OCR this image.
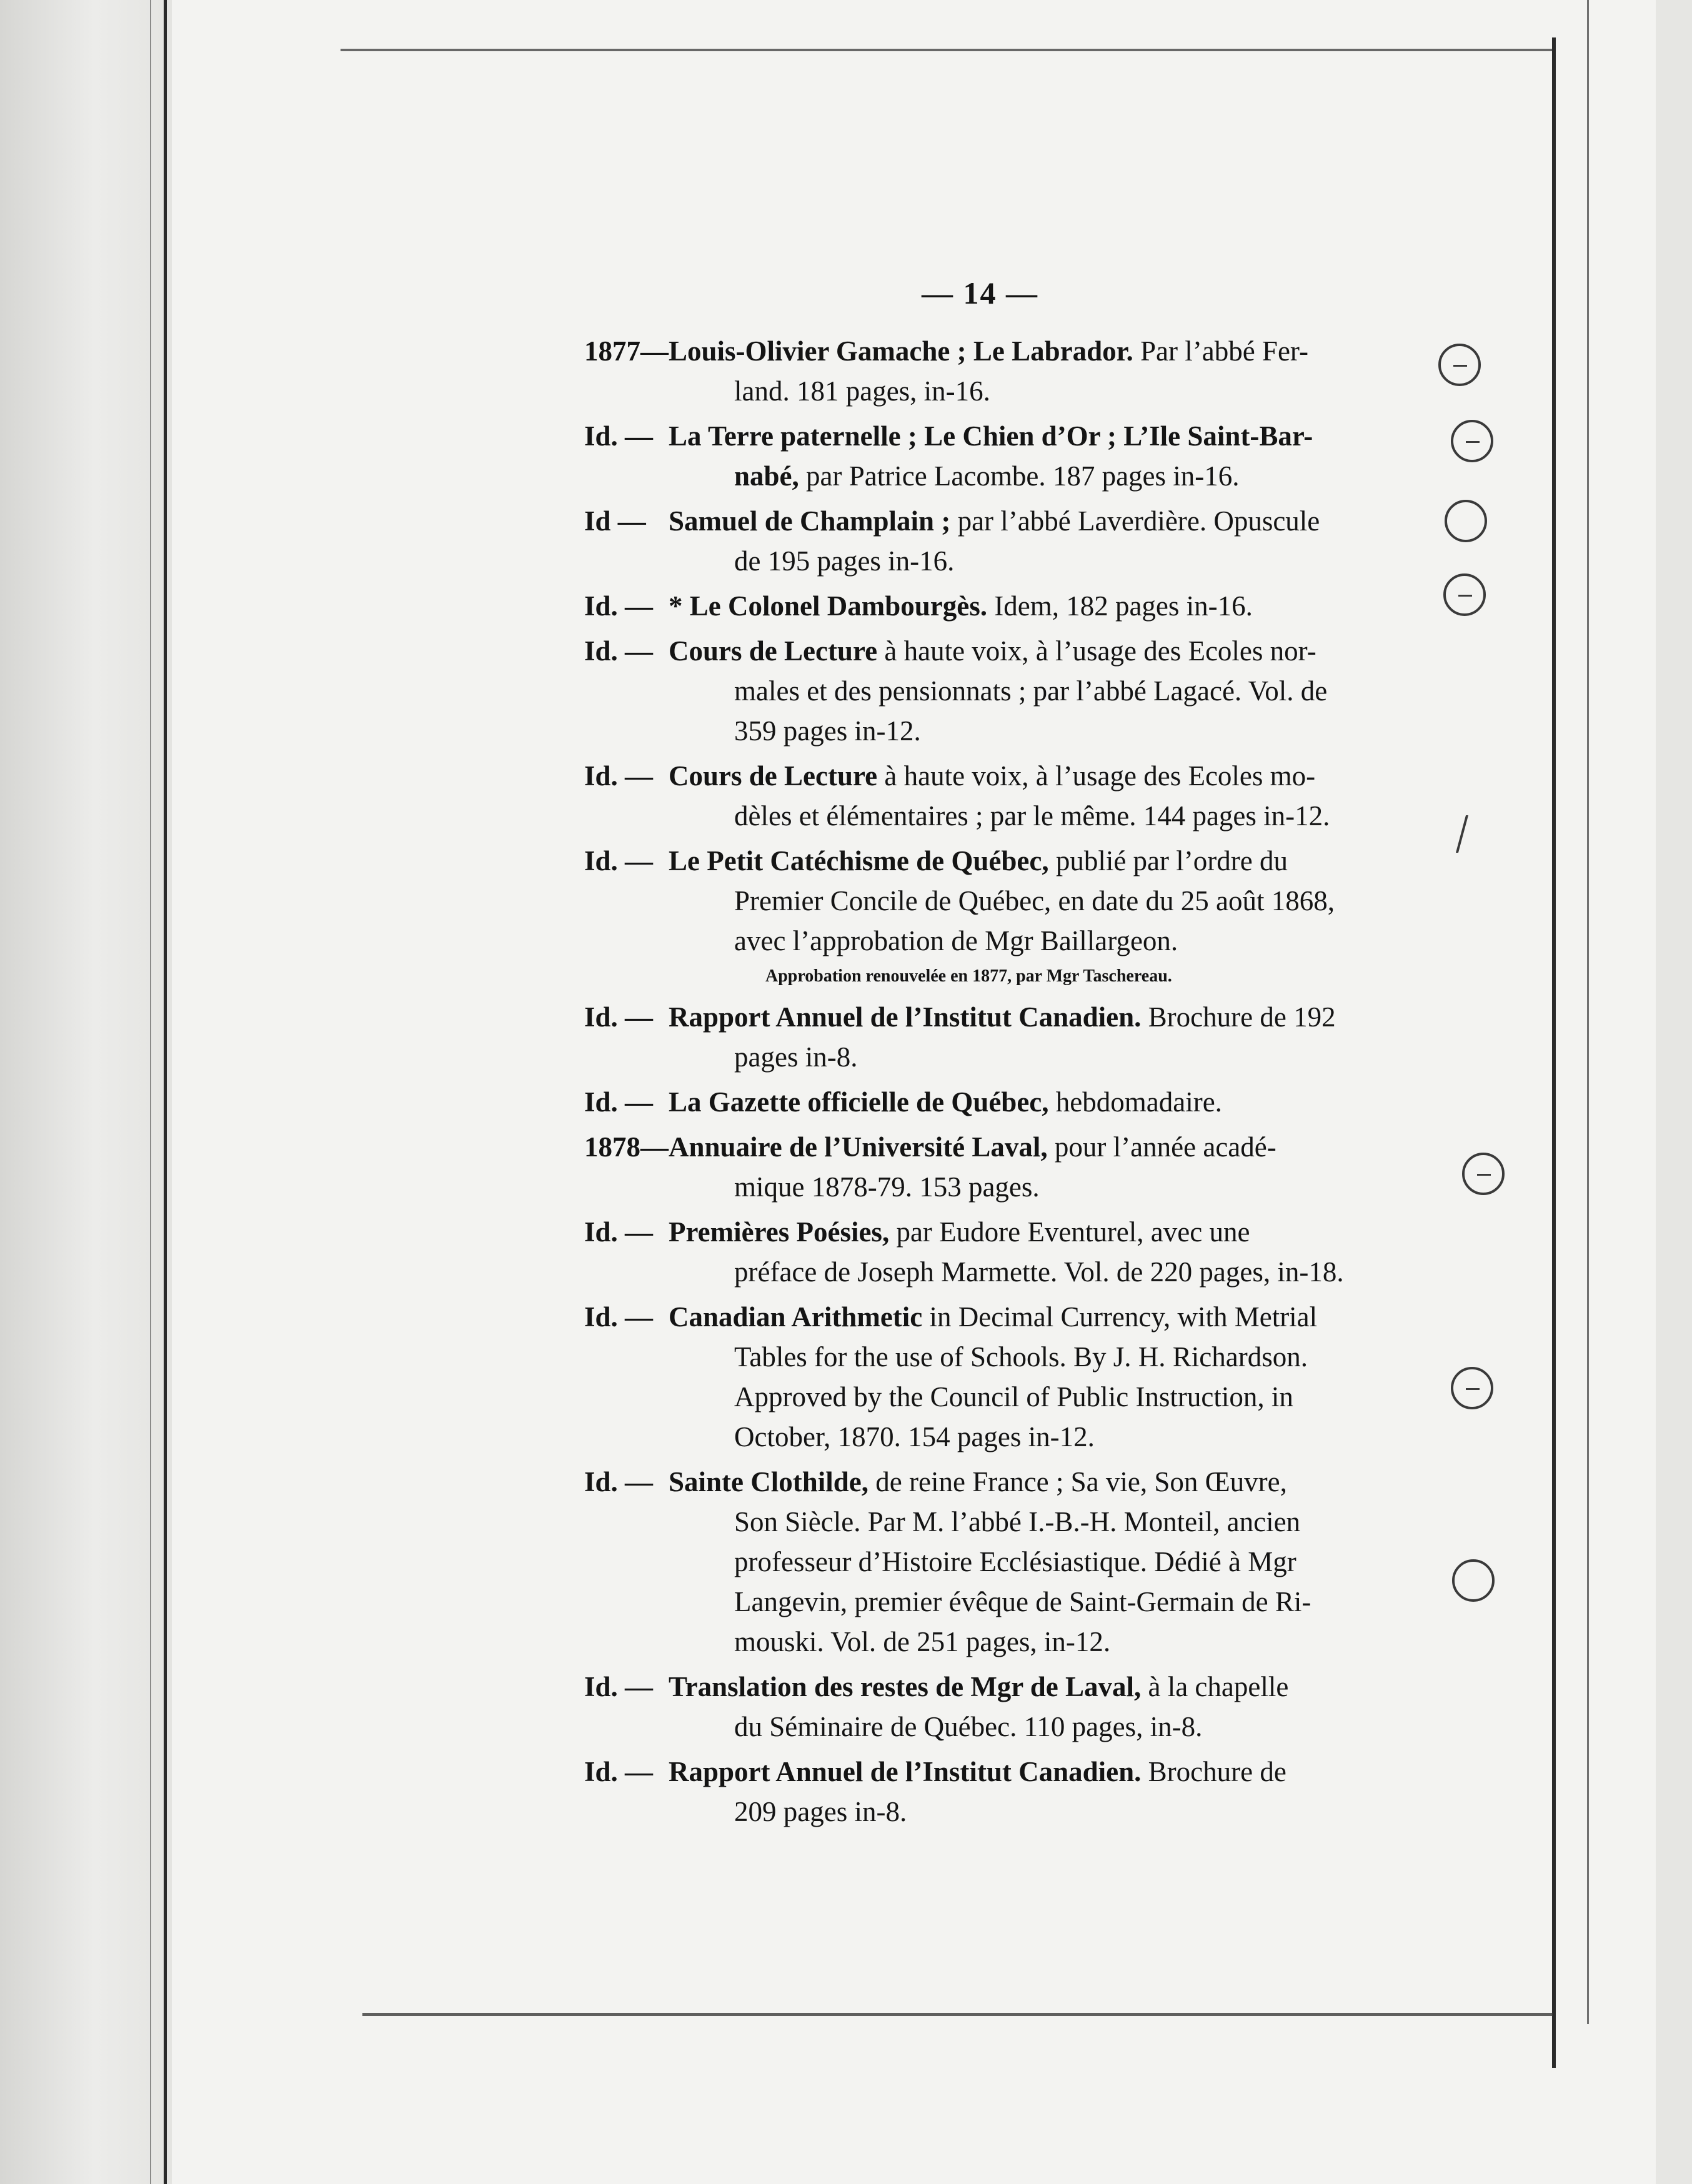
— 14 —
1877— Louis-Olivier Gamache ; Le Labrador. Par l’abbé Fer-
land. 181 pages, in-16.
Id. — La Terre paternelle ; Le Chien d’Or ; L’Ile Saint-Bar-
nabé, par Patrice Lacombe. 187 pages in-16.
Id — Samuel de Champlain ; par l’abbé Laverdière. Opuscule
de 195 pages in-16.
Id. — * Le Colonel Dambourgès. Idem, 182 pages in-16.
Id. — Cours de Lecture à haute voix, à l’usage des Ecoles nor-
males et des pensionnats ; par l’abbé Lagacé. Vol. de
359 pages in-12.
Id. — Cours de Lecture à haute voix, à l’usage des Ecoles mo-
dèles et élémentaires ; par le même. 144 pages in-12.
Id. — Le Petit Catéchisme de Québec, publié par l’ordre du
Premier Concile de Québec, en date du 25 août 1868,
avec l’approbation de Mgr Baillargeon.
Approbation renouvelée en 1877, par Mgr Taschereau.
Id. — Rapport Annuel de l’Institut Canadien. Brochure de 192
pages in-8.
Id. — La Gazette officielle de Québec, hebdomadaire.
1878— Annuaire de l’Université Laval, pour l’année acadé-
mique 1878-79. 153 pages.
Id. — Premières Poésies, par Eudore Eventurel, avec une
préface de Joseph Marmette. Vol. de 220 pages, in-18.
Id. — Canadian Arithmetic in Decimal Currency, with Metrial
Tables for the use of Schools. By J. H. Richardson.
Approved by the Council of Public Instruction, in
October, 1870. 154 pages in-12.
Id. — Sainte Clothilde, de reine France ; Sa vie, Son Œuvre,
Son Siècle. Par M. l’abbé I.-B.-H. Monteil, ancien
professeur d’Histoire Ecclésiastique. Dédié à Mgr
Langevin, premier évêque de Saint-Germain de Ri-
mouski. Vol. de 251 pages, in-12.
Id. — Translation des restes de Mgr de Laval, à la chapelle
du Séminaire de Québec. 110 pages, in-8.
Id. — Rapport Annuel de l’Institut Canadien. Brochure de
209 pages in-8.
